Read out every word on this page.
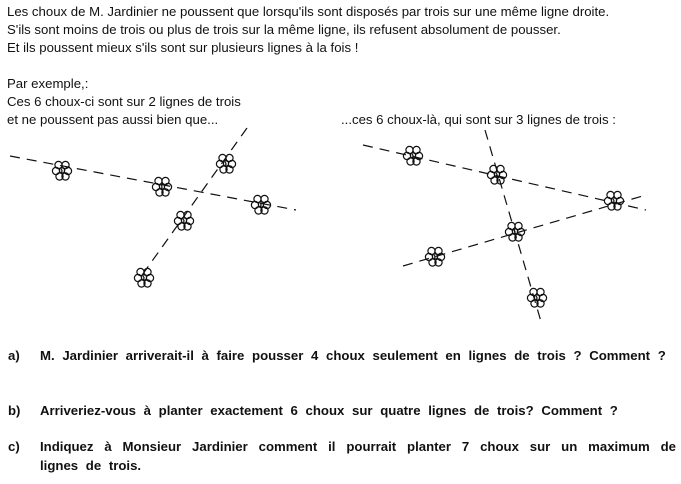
Les choux de M. Jardinier ne poussent que lorsqu'ils sont disposés par trois sur une même ligne droite.
S'ils sont moins de trois ou plus de trois sur la même ligne, ils refusent absolument de pousser.
Et ils poussent mieux s'ils sont sur plusieurs lignes à la fois !
Par exemple,:
Ces 6 choux-ci sont sur 2 lignes de trois
et ne poussent pas aussi bien que...	...ces 6 choux-là, qui sont sur 3 lignes de trois :
a)	M. Jardinier arriverait-il à faire pousser 4 choux seulement en lignes de trois ? Comment ?
b)	Arriveriez-vous à planter exactement 6 choux sur quatre lignes de trois? Comment ?
c)	Indiquez à Monsieur Jardinier comment il pourrait planter 7 choux sur un maximum de lignes de trois.
